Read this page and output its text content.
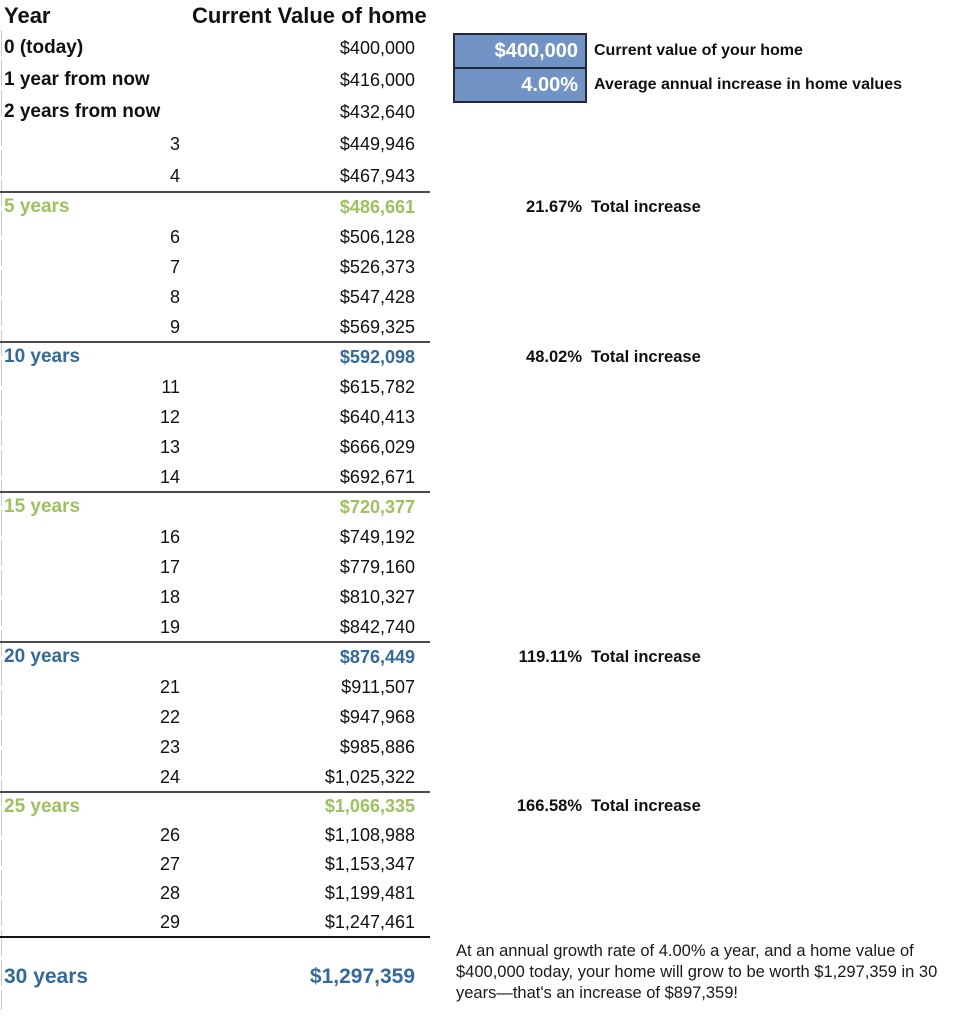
Year	Current Value of home
0 (today)	$400,000
1 year from now	$416,000
2 years from now	$432,640
3	$449,946
4	$467,943
5 years	$486,661	21.67% Total increase
6	$506,128
7	$526,373
8	$547,428
9	$569,325
10 years	$592,098	48.02% Total increase
11	$615,782
12	$640,413
13	$666,029
14	$692,671
15 years	$720,377
16	$749,192
17	$779,160
18	$810,327
19	$842,740
20 years	$876,449	119.11% Total increase
21	$911,507
22	$947,968
23	$985,886
24	$1,025,322
25 years	$1,066,335	166.58% Total increase
26	$1,108,988
27	$1,153,347
28	$1,199,481
29	$1,247,461
30 years	$1,297,359
$400,000	Current value of your home
4.00%	Average annual increase in home values
At an annual growth rate of 4.00% a year, and a home value of $400,000 today, your home will grow to be worth $1,297,359 in 30 years—that's an increase of $897,359!
